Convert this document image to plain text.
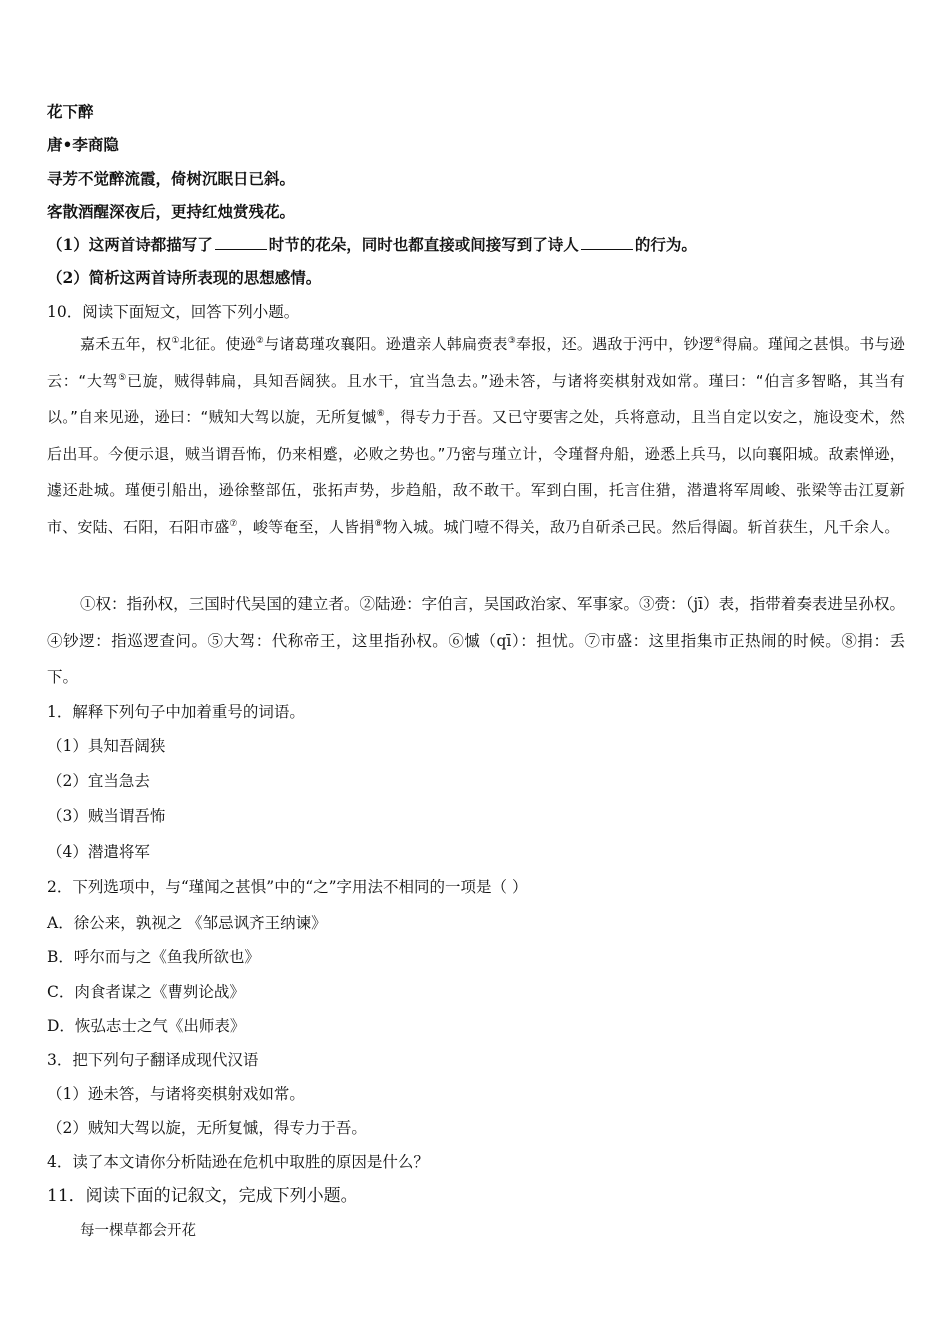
花下醉
唐•李商隐
寻芳不觉醉流霞，倚树沉眠日已斜。
客散酒醒深夜后，更持红烛赏残花。
（1）这两首诗都描写了	时节的花朵，同时也都直接或间接写到了诗人	的行为。
（2）简析这两首诗所表现的思想感情。
10．阅读下面短文，回答下列小题。
嘉禾五年，权①北征。使逊②与诸葛瑾攻襄阳。逊遣亲人韩扁赍表③奉报，还。遇敌于沔中，钞逻④得扁。瑾闻之甚惧。书与逊云：“大驾⑤已旋，贼得韩扁，具知吾阔狭。且水干，宜当急去。”逊未答，与诸将奕棋射戏如常。瑾曰：“伯言多智略，其当有以。”自来见逊，逊曰：“贼知大驾以旋，无所复慽⑥，得专力于吾。又已守要害之处，兵将意动，且当自定以安之，施设变术，然后出耳。今便示退，贼当谓吾怖，仍来相蹙，必败之势也。”乃密与瑾立计，令瑾督舟船，逊悉上兵马，以向襄阳城。敌素惮逊，遽还赴城。瑾便引船出，逊徐整部伍，张拓声势，步趋船，敌不敢干。军到白围，托言住猎，潜遣将军周峻、张梁等击江夏新市、安陆、石阳，石阳市盛⑦，峻等奄至，人皆捐⑧物入城。城门噎不得关，敌乃自斫杀己民。然后得阖。斩首获生，凡千余人。
①权：指孙权，三国时代吴国的建立者。②陆逊：字伯言，吴国政治家、军事家。③赍：（jī）表，指带着奏表进呈孙权。④钞逻：指巡逻查问。⑤大驾：代称帝王，这里指孙权。⑥慽（qī）：担忧。⑦市盛：这里指集市正热闹的时候。⑧捐：丢下。
1．解释下列句子中加着重号的词语。
（1）具知吾阔狭
（2）宜当急去
（3）贼当谓吾怖
（4）潜遣将军
2．下列选项中，与“瑾闻之甚惧”中的“之”字用法不相同的一项是（ ）
A．徐公来，孰视之 《邹忌讽齐王纳谏》
B．呼尔而与之《鱼我所欲也》
C．肉食者谋之《曹刿论战》
D．恢弘志士之气《出师表》
3．把下列句子翻译成现代汉语
（1）逊未答，与诸将奕棋射戏如常。
（2）贼知大驾以旋，无所复慽，得专力于吾。
4．读了本文请你分析陆逊在危机中取胜的原因是什么？
11．阅读下面的记叙文，完成下列小题。
每一棵草都会开花
